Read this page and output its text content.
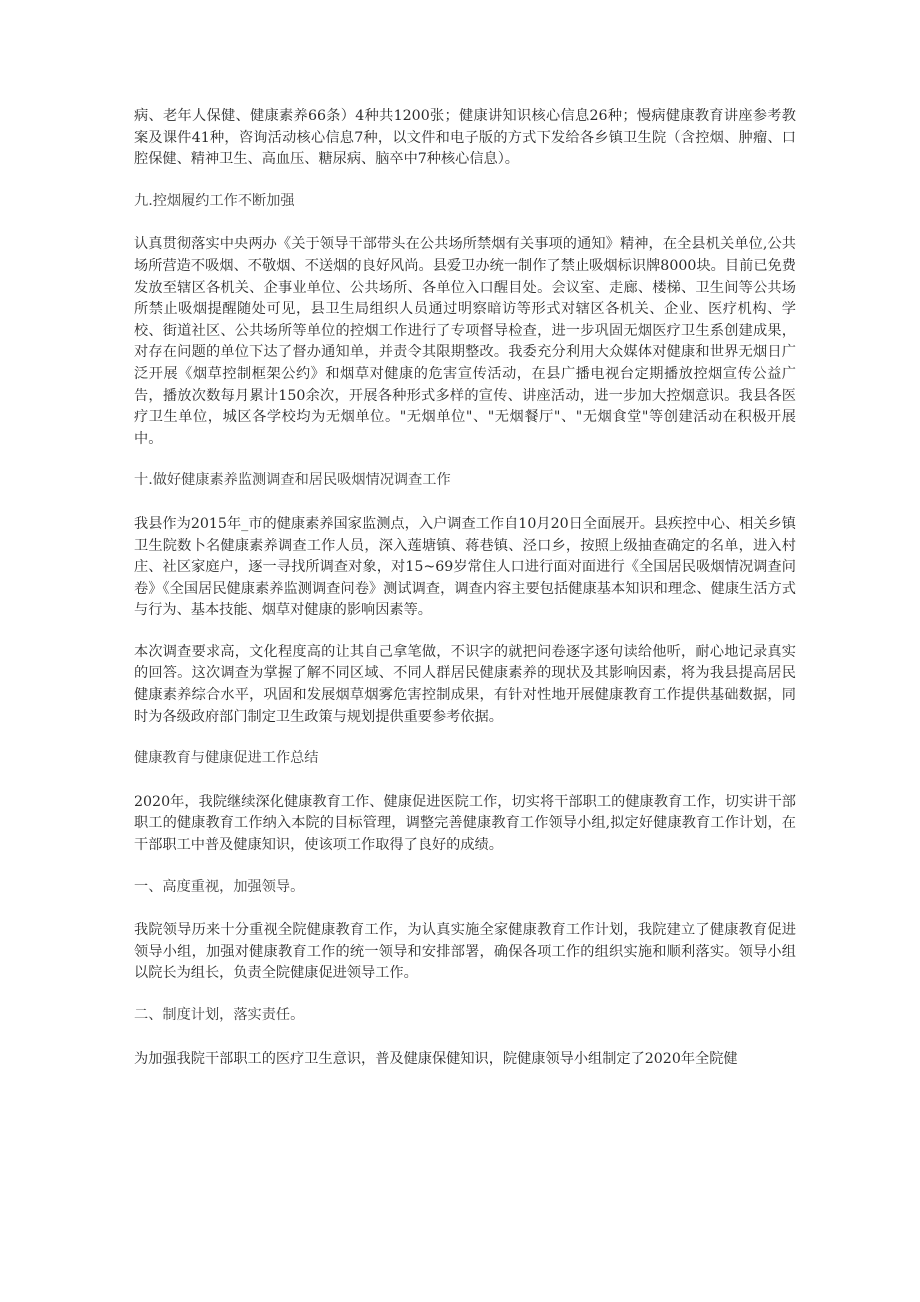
病、老年人保健、健康素养66条）4种共1200张；健康讲知识核心信息26种；慢病健康教育讲座参考教案及课件41种，咨询活动核心信息7种，以文件和电子版的方式下发给各乡镇卫生院（含控烟、肿瘤、口腔保健、精神卫生、高血压、糖尿病、脑卒中7种核心信息）。

九.控烟履约工作不断加强

认真贯彻落实中央两办《关于领导干部带头在公共场所禁烟有关事项的通知》精神，在全县机关单位,公共场所营造不吸烟、不敬烟、不送烟的良好风尚。县爱卫办统一制作了禁止吸烟标识牌8000块。目前已免费发放至辖区各机关、企事业单位、公共场所、各单位入口醒目处。会议室、走廊、楼梯、卫生间等公共场所禁止吸烟提醒随处可见，县卫生局组织人员通过明察暗访等形式对辖区各机关、企业、医疗机构、学校、街道社区、公共场所等单位的控烟工作进行了专项督导检查，进一步巩固无烟医疗卫生系创建成果，对存在问题的单位下达了督办通知单，并责令其限期整改。我委充分利用大众媒体对健康和世界无烟日广泛开展《烟草控制框架公约》和烟草对健康的危害宣传活动，在县广播电视台定期播放控烟宣传公益广告，播放次数每月累计150余次，开展各种形式多样的宣传、讲座活动，进一步加大控烟意识。我县各医疗卫生单位，城区各学校均为无烟单位。"无烟单位"、"无烟餐厅"、"无烟食堂"等创建活动在积极开展中。

十.做好健康素养监测调查和居民吸烟情况调查工作

我县作为2015年_市的健康素养国家监测点，入户调查工作自10月20日全面展开。县疾控中心、相关乡镇卫生院数卜名健康素养调查工作人员，深入莲塘镇、蒋巷镇、泾口乡，按照上级抽查确定的名单，进入村庄、社区家庭户，逐一寻找所调查对象，对15~69岁常住人口进行面对面进行《全国居民吸烟情况调查问卷》《全国居民健康素养监测调查问卷》测试调查，调查内容主要包括健康基本知识和理念、健康生活方式与行为、基本技能、烟草对健康的影响因素等。

本次调查要求高，文化程度高的让其自己拿笔做，不识字的就把问卷逐字逐句读给他听，耐心地记录真实的回答。这次调查为掌握了解不同区域、不同人群居民健康素养的现状及其影响因素，将为我县提高居民健康素养综合水平，巩固和发展烟草烟雾危害控制成果，有针对性地开展健康教育工作提供基础数据，同时为各级政府部门制定卫生政策与规划提供重要参考依据。

健康教育与健康促进工作总结

2020年，我院继续深化健康教育工作、健康促进医院工作，切实将干部职工的健康教育工作，切实讲干部职工的健康教育工作纳入本院的目标管理，调整完善健康教育工作领导小组,拟定好健康教育工作计划，在干部职工中普及健康知识，使该项工作取得了良好的成绩。

一、高度重视，加强领导。

我院领导历来十分重视全院健康教育工作，为认真实施全家健康教育工作计划，我院建立了健康教育促进领导小组，加强对健康教育工作的统一领导和安排部署，确保各项工作的组织实施和顺利落实。领导小组以院长为组长，负责全院健康促进领导工作。

二、制度计划，落实责任。

为加强我院干部职工的医疗卫生意识，普及健康保健知识，院健康领导小组制定了2020年全院健
